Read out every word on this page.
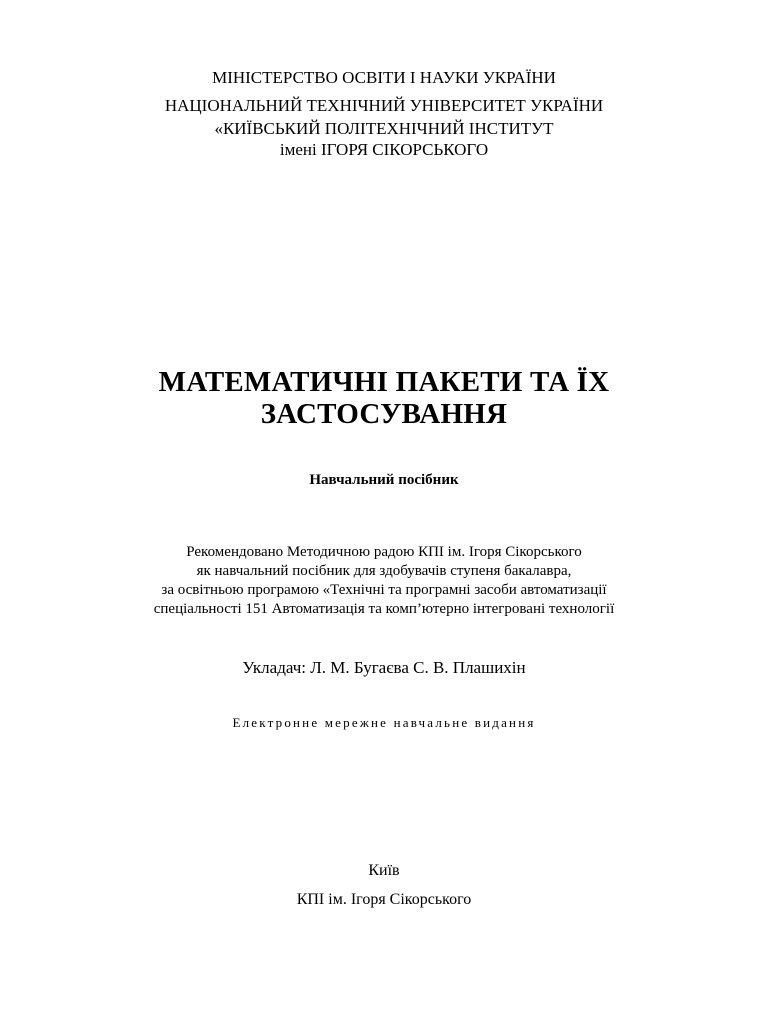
МІНІСТЕРСТВО ОСВІТИ І НАУКИ УКРАЇНИ
НАЦІОНАЛЬНИЙ ТЕХНІЧНИЙ УНІВЕРСИТЕТ УКРАЇНИ
«КИЇВСЬКИЙ ПОЛІТЕХНІЧНИЙ ІНСТИТУТ
імені ІГОРЯ СІКОРСЬКОГО
МАТЕМАТИЧНІ ПАКЕТИ ТА ЇХ
ЗАСТОСУВАННЯ
Навчальний посібник
Рекомендовано Методичною радою КПІ ім. Ігоря Сікорського
як навчальний посібник для здобувачів ступеня бакалавра,
за освітньою програмою «Технічні та програмні засоби автоматизації
спеціальності 151 Автоматизація та комп’ютерно інтегровані технології
Укладач: Л. М. Бугаєва С. В. Плашихін
Електронне мережне навчальне видання
Київ
КПІ ім. Ігоря Сікорського
